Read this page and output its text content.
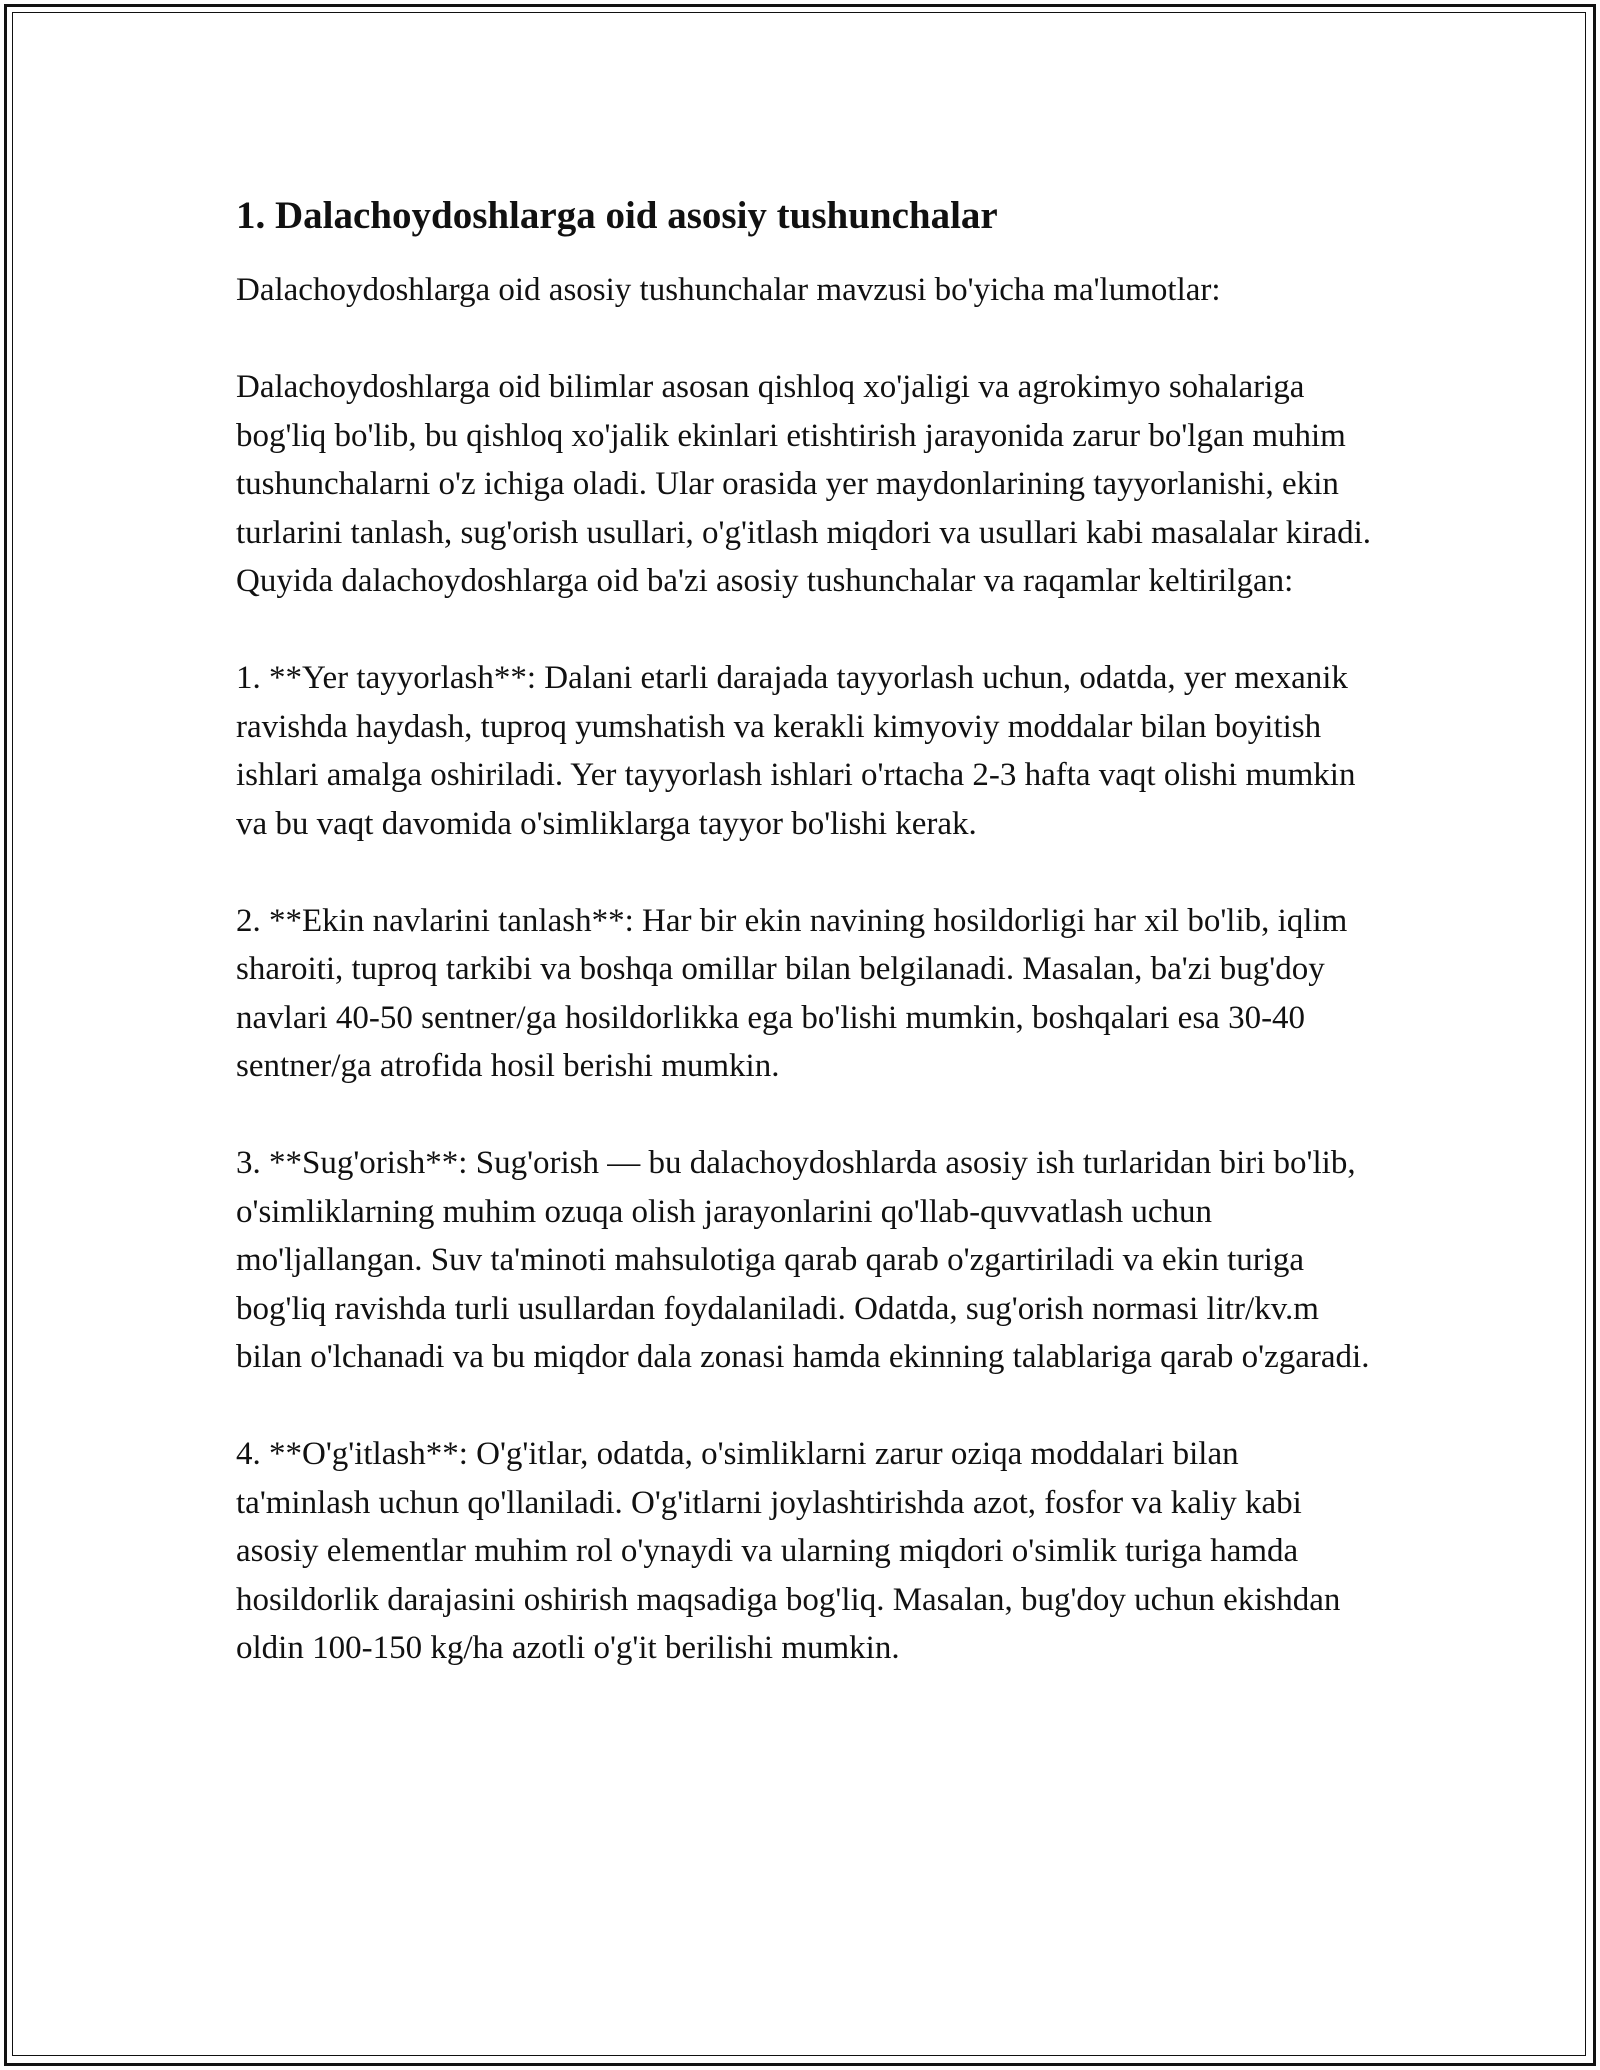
1. Dalachoydoshlarga oid asosiy tushunchalar

Dalachoydoshlarga oid asosiy tushunchalar mavzusi bo'yicha ma'lumotlar:

Dalachoydoshlarga oid bilimlar asosan qishloq xo'jaligi va agrokimyo sohalariga bog'liq bo'lib, bu qishloq xo'jalik ekinlari etishtirish jarayonida zarur bo'lgan muhim tushunchalarni o'z ichiga oladi. Ular orasida yer maydonlarining tayyorlanishi, ekin turlarini tanlash, sug'orish usullari, o'g'itlash miqdori va usullari kabi masalalar kiradi. Quyida dalachoydoshlarga oid ba'zi asosiy tushunchalar va raqamlar keltirilgan:

1. **Yer tayyorlash**: Dalani etarli darajada tayyorlash uchun, odatda, yer mexanik ravishda haydash, tuproq yumshatish va kerakli kimyoviy moddalar bilan boyitish ishlari amalga oshiriladi. Yer tayyorlash ishlari o'rtacha 2-3 hafta vaqt olishi mumkin va bu vaqt davomida o'simliklarga tayyor bo'lishi kerak.

2. **Ekin navlarini tanlash**: Har bir ekin navining hosildorligi har xil bo'lib, iqlim sharoiti, tuproq tarkibi va boshqa omillar bilan belgilanadi. Masalan, ba'zi bug'doy navlari 40-50 sentner/ga hosildorlikka ega bo'lishi mumkin, boshqalari esa 30-40 sentner/ga atrofida hosil berishi mumkin.

3. **Sug'orish**: Sug'orish — bu dalachoydoshlarda asosiy ish turlaridan biri bo'lib, o'simliklarning muhim ozuqa olish jarayonlarini qo'llab-quvvatlash uchun mo'ljallangan. Suv ta'minoti mahsulotiga qarab qarab o'zgartiriladi va ekin turiga bog'liq ravishda turli usullardan foydalaniladi. Odatda, sug'orish normasi litr/kv.m bilan o'lchanadi va bu miqdor dala zonasi hamda ekinning talablariga qarab o'zgaradi.

4. **O'g'itlash**: O'g'itlar, odatda, o'simliklarni zarur oziqa moddalari bilan ta'minlash uchun qo'llaniladi. O'g'itlarni joylashtirishda azot, fosfor va kaliy kabi asosiy elementlar muhim rol o'ynaydi va ularning miqdori o'simlik turiga hamda hosildorlik darajasini oshirish maqsadiga bog'liq. Masalan, bug'doy uchun ekishdan oldin 100-150 kg/ha azotli o'g'it berilishi mumkin.
